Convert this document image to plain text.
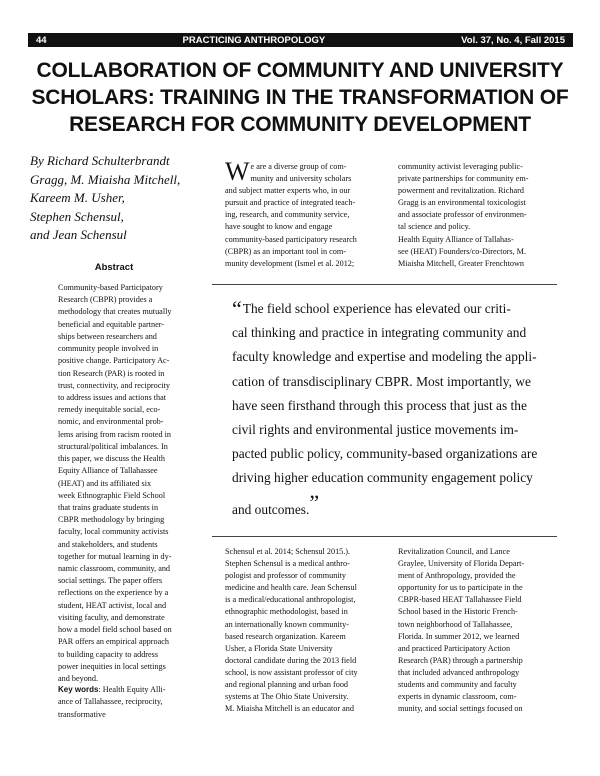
44	PRACTICING ANTHROPOLOGY	Vol. 37, No. 4, Fall 2015
COLLABORATION OF COMMUNITY AND UNIVERSITY
SCHOLARS: TRAINING IN THE TRANSFORMATION OF
RESEARCH FOR COMMUNITY DEVELOPMENT
By Richard Schulterbrandt
Gragg, M. Miaisha Mitchell,
Kareem M. Usher,
Stephen Schensul,
and Jean Schensul
Abstract
Community-based Participatory
Research (CBPR) provides a
methodology that creates mutually
beneficial and equitable partner-
ships between researchers and
community people involved in
positive change. Participatory Ac-
tion Research (PAR) is rooted in
trust, connectivity, and reciprocity
to address issues and actions that
remedy inequitable social, eco-
nomic, and environmental prob-
lems arising from racism rooted in
structural/political imbalances. In
this paper, we discuss the Health
Equity Alliance of Tallahassee
(HEAT) and its affiliated six
week Ethnographic Field School
that trains graduate students in
CBPR methodology by bringing
faculty, local community activists
and stakeholders, and students
together for mutual learning in dy-
namic classroom, community, and
social settings. The paper offers
reflections on the experience by a
student, HEAT activist, local and
visiting faculty, and demonstrate
how a model field school based on
PAR offers an empirical approach
to building capacity to address
power inequities in local settings
and beyond.
Key words: Health Equity Alli-
ance of Tallahassee, reciprocity,
transformative
W e are a diverse group of com-
munity and university scholars
and subject matter experts who, in our
pursuit and practice of integrated teach-
ing, research, and community service,
have sought to know and engage
community-based participatory research
(CBPR) as an important tool in com-
munity development (Ismel et al. 2012;
community activist leveraging public-
private partnerships for community em-
powerment and revitalization. Richard
Gragg is an environmental toxicologist
and associate professor of environmen-
tal science and policy.
Health Equity Alliance of Tallahas-
see (HEAT) Founders/co-Directors, M.
Miaisha Mitchell, Greater Frenchtown
“The field school experience has elevated our criti-
cal thinking and practice in integrating community and
faculty knowledge and expertise and modeling the appli-
cation of transdisciplinary CBPR. Most importantly, we
have seen firsthand through this process that just as the
civil rights and environmental justice movements im-
pacted public policy, community-based organizations are
driving higher education community engagement policy
and outcomes.”
Schensul et al. 2014; Schensul 2015.).
Stephen Schensul is a medical anthro-
pologist and professor of community
medicine and health care. Jean Schensul
is a medical/educational anthropologist,
ethnographic methodologist, based in
an internationally known community-
based research organization. Kareem
Usher, a Florida State University
doctoral candidate during the 2013 field
school, is now assistant professor of city
and regional planning and urban food
systems at The Ohio State University.
M. Miaisha Mitchell is an educator and
Revitalization Council, and Lance
Graylee, University of Florida Depart-
ment of Anthropology, provided the
opportunity for us to participate in the
CBPR-based HEAT Tallahassee Field
School based in the Historic French-
town neighborhood of Tallahassee,
Florida. In summer 2012, we learned
and practiced Participatory Action
Research (PAR) through a partnership
that included advanced anthropology
students and community and faculty
experts in dynamic classroom, com-
munity, and social settings focused on
